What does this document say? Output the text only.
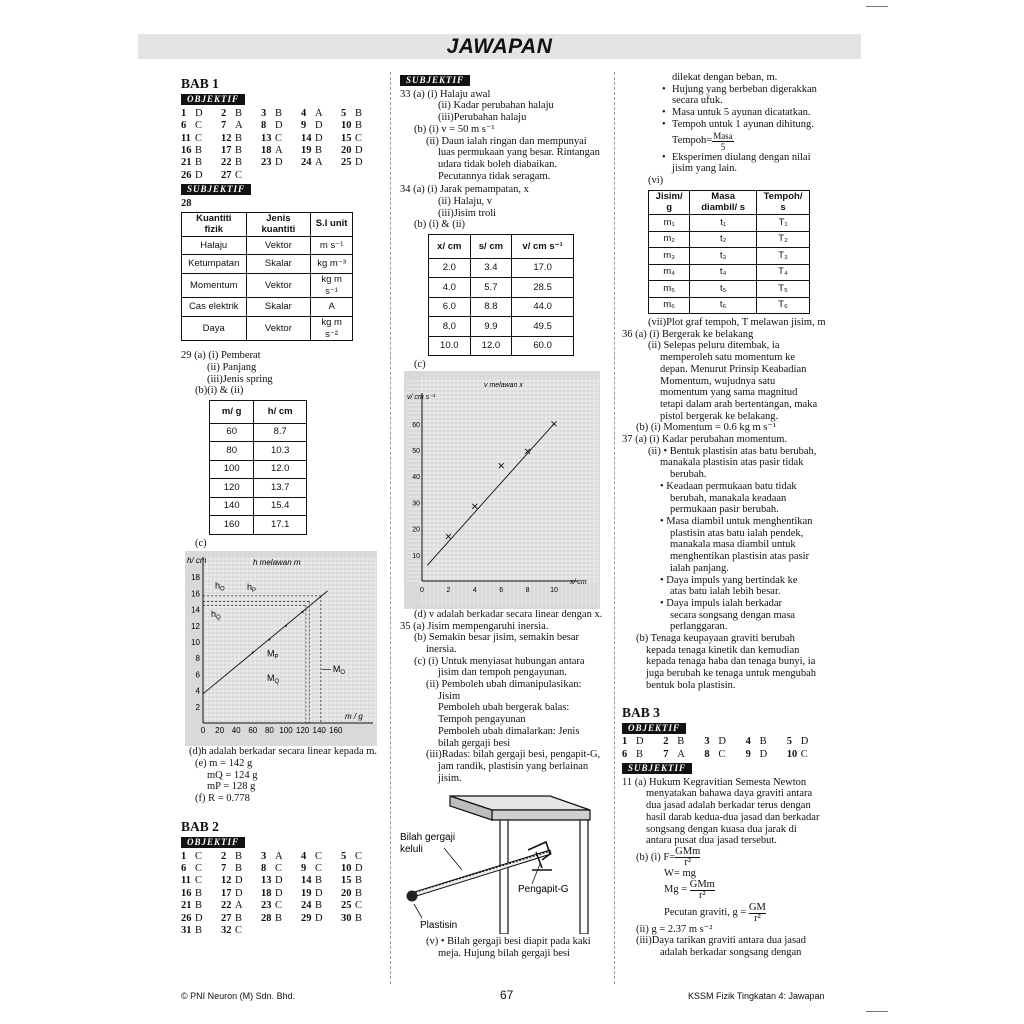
JAWAPAN
BAB 1
OBJEKTIF
1 D	2 B	3 B	4 A	5 B
6 C	7 A	8 D	9 D	10 B
11 C	12 B	13 C	14 D	15 C
16 B	17 B	18 A	19 B	20 D
21 B	22 B	23 D	24 A	25 D
26 D	27 C
SUBJEKTIF
28
Kuantiti fizik	Jenis kuantiti	S.I unit
Halaju	Vektor	m s⁻¹
Ketumpatan	Skalar	kg m⁻³
Momentum	Vektor	kg m s⁻¹
Cas elektrik	Skalar	A
Daya	Vektor	kg m s⁻²
29 (a) (i) Pemberat
(ii) Panjang
(iii)Jenis spring
(b)(i) & (ii)
m/ g	h/ cm
60	8.7
80	10.3
100	12.0
120	13.7
140	15.4
160	17.1
(c)
2
4
6
8
10
12
14
16
18
0 20 40 60 80 100 120 140 160
h melawan m
h/ cm
m / g
$h_O$ $h_P$
$h_Q$
$M_P$
$M_Q$
$M_O$
(d)h adalah berkadar secara linear kepada m.
(e) m = 142 g
mQ = 124 g
mP = 128 g
(f) R = 0.778
BAB 2
OBJEKTIF
1 C	2 B	3 A	4 C	5 C
6 C	7 B	8 C	9 C	10 D
11 C	12 D	13 D	14 B	15 B
16 B	17 D	18 D	19 D	20 B
21 B	22 A	23 C	24 B	25 C
26 D	27 B	28 B	29 D	30 B
31 B	32 C
SUBJEKTIF
33 (a) (i) Halaju awal
(ii) Kadar perubahan halaju
(iii)Perubahan halaju
(b) (i) v = 50 m s⁻¹
(ii) Daun ialah ringan dan mempunyai
luas permukaan yang besar. Rintangan
udara tidak boleh diabaikan.
Pecutannya tidak seragam.
34 (a) (i) Jarak pemampatan, x
(ii) Halaju, v
(iii)Jisim troli
(b) (i) & (ii)
x/ cm	s/ cm	v/ cm s⁻¹
2.0	3.4	17.0
4.0	5.7	28.5
6.0	8.8	44.0
8.0	9.9	49.5
10.0	12.0	60.0
(c)
10
20
30
40
50
60
0	2	4	6	8	10
v melawan x
v/ cm s⁻¹
x/ cm
(d) v adalah berkadar secara linear dengan x.
35 (a) Jisim mempengaruhi inersia.
(b) Semakin besar jisim, semakin besar
inersia.
(c) (i) Untuk menyiasat hubungan antara
jisim dan tempoh pengayunan.
(ii) Pemboleh ubah dimanipulasikan:
Jisim
Pemboleh ubah bergerak balas:
Tempoh pengayunan
Pemboleh ubah dimalarkan: Jenis
bilah gergaji besi
(iii)Radas: bilah gergaji besi, pengapit-G,
jam randik, plastisin yang berlainan
jisim.
Bilah gergaji
keluli
Pengapit-G
Plastisin
(v) • Bilah gergaji besi diapit pada kaki
meja. Hujung bilah gergaji besi
dilekat dengan beban, m.
• Hujung yang berbeban digerakkan
secara ufuk.
• Masa untuk 5 ayunan dicatatkan.
• Tempoh untuk 1 ayunan dihitung.
Tempoh= Masa
5
• Eksperimen diulang dengan nilai
jisim yang lain.
(vi)
Jisim/ g	Masa diambil/ s	Tempoh/ s
m₁	t₁	T₁
m₂	t₂	T₂
m₃	t₃	T₃
m₄	t₄	T₄
m₅	t₅	T₅
m₆	t₆	T₆
(vii)Plot graf tempoh, T melawan jisim, m
36 (a) (i) Bergerak ke belakang
(ii) Selepas peluru ditembak, ia
memperoleh satu momentum ke
depan. Menurut Prinsip Keabadian
Momentum, wujudnya satu
momentum yang sama magnitud
tetapi dalam arah bertentangan, maka
pistol bergerak ke belakang.
(b) (i) Momentum = 0.6 kg m s⁻¹
37 (a) (i) Kadar perubahan momentum.
(ii) • Bentuk plastisin atas batu berubah,
manakala plastisin atas pasir tidak
berubah.
• Keadaan permukaan batu tidak
berubah, manakala keadaan
permukaan pasir berubah.
• Masa diambil untuk menghentikan
plastisin atas batu ialah pendek,
manakala masa diambil untuk
menghentikan plastisin atas pasir
ialah panjang.
• Daya impuls yang bertindak ke
atas batu ialah lebih besar.
• Daya impuls ialah berkadar
secara songsang dengan masa
perlanggaran.
(b) Tenaga keupayaan graviti berubah
kepada tenaga kinetik dan kemudian
kepada tenaga haba dan tenaga bunyi, ia
juga berubah ke tenaga untuk mengubah
bentuk bola plastisin.
BAB 3
OBJEKTIF
1 D	2 B	3 D	4 B	5 D
6 B	7 A	8 C	9 D	10 C
SUBJEKTIF
11 (a) Hukum Kegravitian Semesta Newton
menyatakan bahawa daya graviti antara
dua jasad adalah berkadar terus dengan
hasil darab kedua-dua jasad dan berkadar
songsang dengan kuasa dua jarak di
antara pusat dua jasad tersebut.
(b) (i) F=
GMm
r²
W= mg
Mg =

GMm
r²
Pecutan graviti, g =
$\frac{GM}{\text{r²}}$
(ii) g = 2.37 m s⁻²
(iii)Daya tarikan graviti antara dua jasad
adalah berkadar songsang dengan
© PNI Neuron (M) Sdn. Bhd.	67	KSSM Fizik Tingkatan 4: Jawapan
